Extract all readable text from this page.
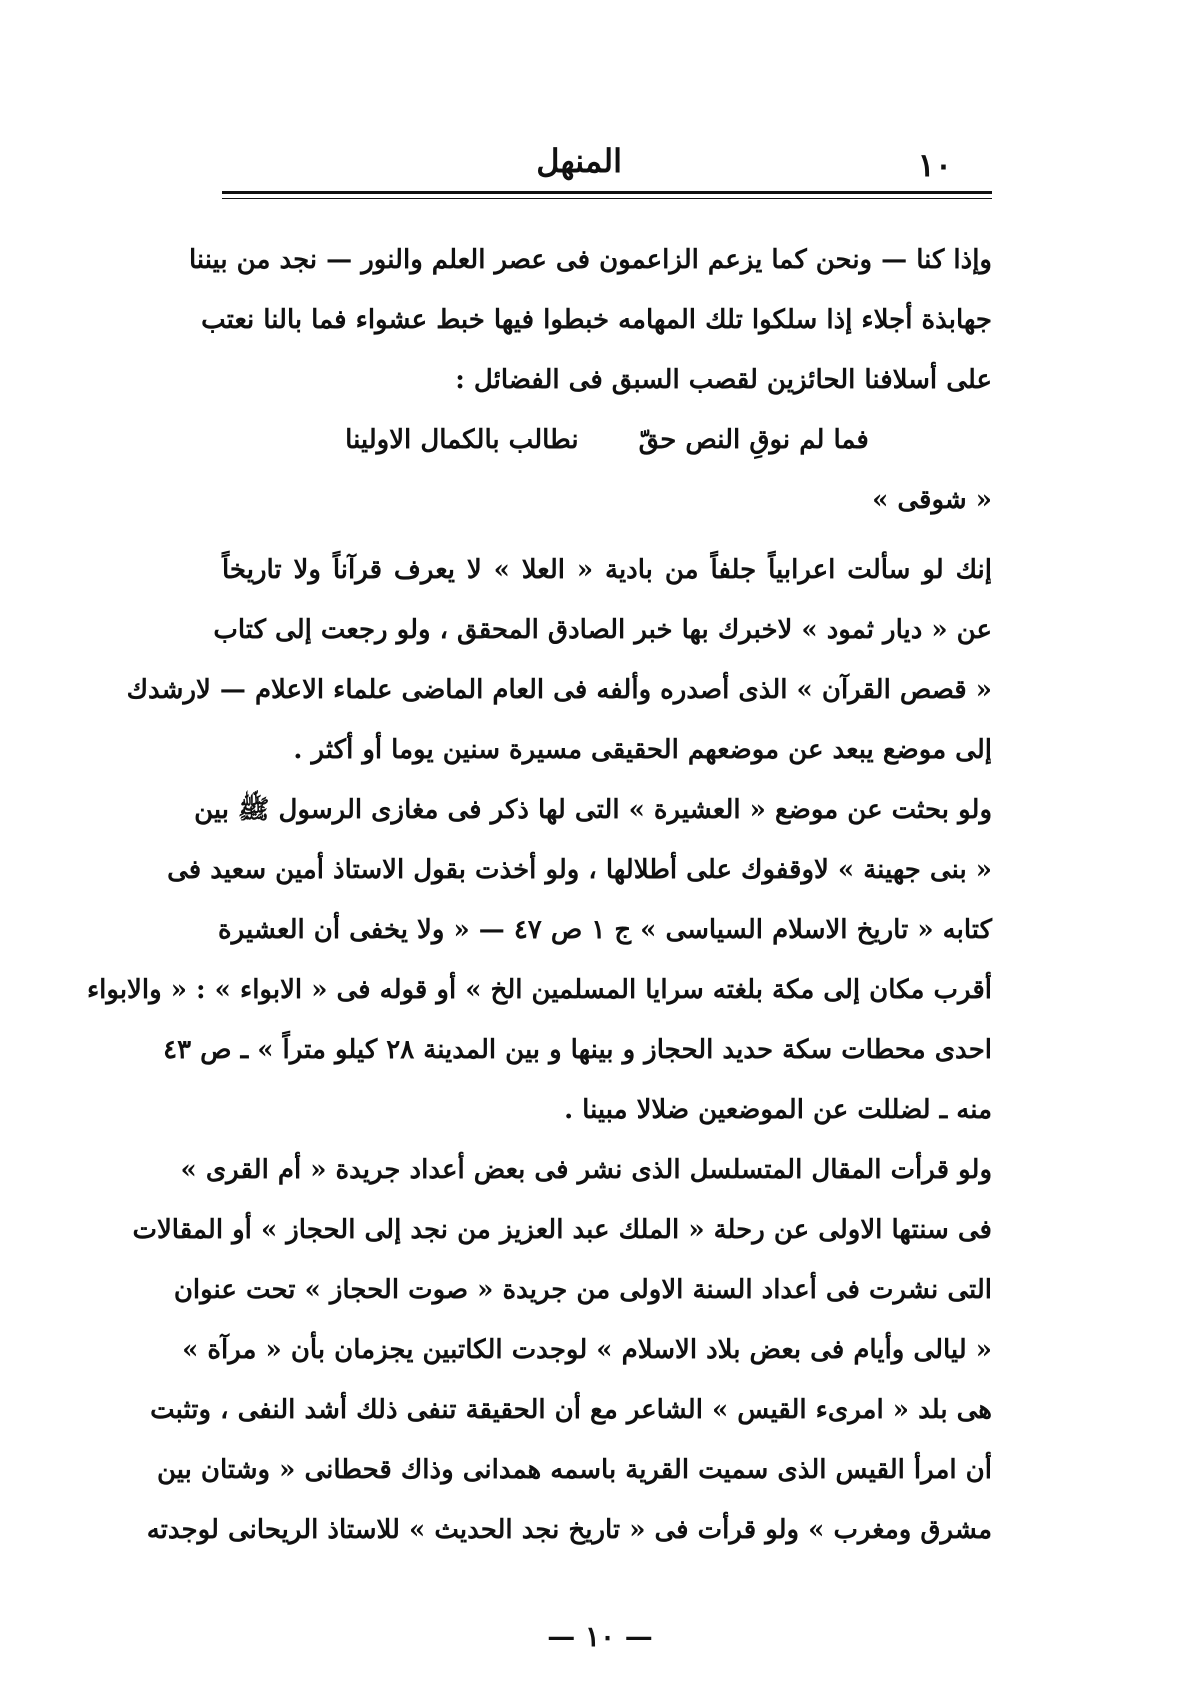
١٠
المنهل
وإذا كنا — ونحن كما يزعم الزاعمون فى عصر العلم والنور — نجد من بيننا
جهابذة أجلاء إذا سلكوا تلك المهامه خبطوا فيها خبط عشواء فما بالنا نعتب
على أسلافنا الحائزين لقصب السبق فى الفضائل :
فما لم نوقِ النص حقّ
نطالب بالكمال الاولينا
« شوقى »
إنك لو سألت اعرابياً جلفاً من بادية « العلا » لا يعرف قرآناً ولا تاريخاً
عن « ديار ثمود » لاخبرك بها خبر الصادق المحقق ، ولو رجعت إلى كتاب
« قصص القرآن » الذى أصدره وألفه فى العام الماضى علماء الاعلام — لارشدك
إلى موضع يبعد عن موضعهم الحقيقى مسيرة سنين يوما أو أكثر .
ولو بحثت عن موضع « العشيرة » التى لها ذكر فى مغازى الرسول ﷺ بين
« بنى جهينة » لاوقفوك على أطلالها ، ولو أخذت بقول الاستاذ أمين سعيد فى
كتابه « تاريخ الاسلام السياسى » ج ١ ص ٤٧ — « ولا يخفى أن العشيرة
أقرب مكان إلى مكة بلغته سرايا المسلمين الخ » أو قوله فى « الابواء » : « والابواء
احدى محطات سكة حديد الحجاز و بينها و بين المدينة ٢٨ كيلو متراً » ـ ص ٤٣
منه ـ لضللت عن الموضعين ضلالا مبينا .
ولو قرأت المقال المتسلسل الذى نشر فى بعض أعداد جريدة « أم القرى »
فى سنتها الاولى عن رحلة « الملك عبد العزيز من نجد إلى الحجاز » أو المقالات
التى نشرت فى أعداد السنة الاولى من جريدة « صوت الحجاز » تحت عنوان
« ليالى وأيام فى بعض بلاد الاسلام » لوجدت الكاتبين يجزمان بأن « مرآة »
هى بلد « امرىء القيس » الشاعر مع أن الحقيقة تنفى ذلك أشد النفى ، وتثبت
أن امرأ القيس الذى سميت القرية باسمه همدانى وذاك قحطانى « وشتان بين
مشرق ومغرب » ولو قرأت فى « تاريخ نجد الحديث » للاستاذ الريحانى لوجدته
— ١٠ —
